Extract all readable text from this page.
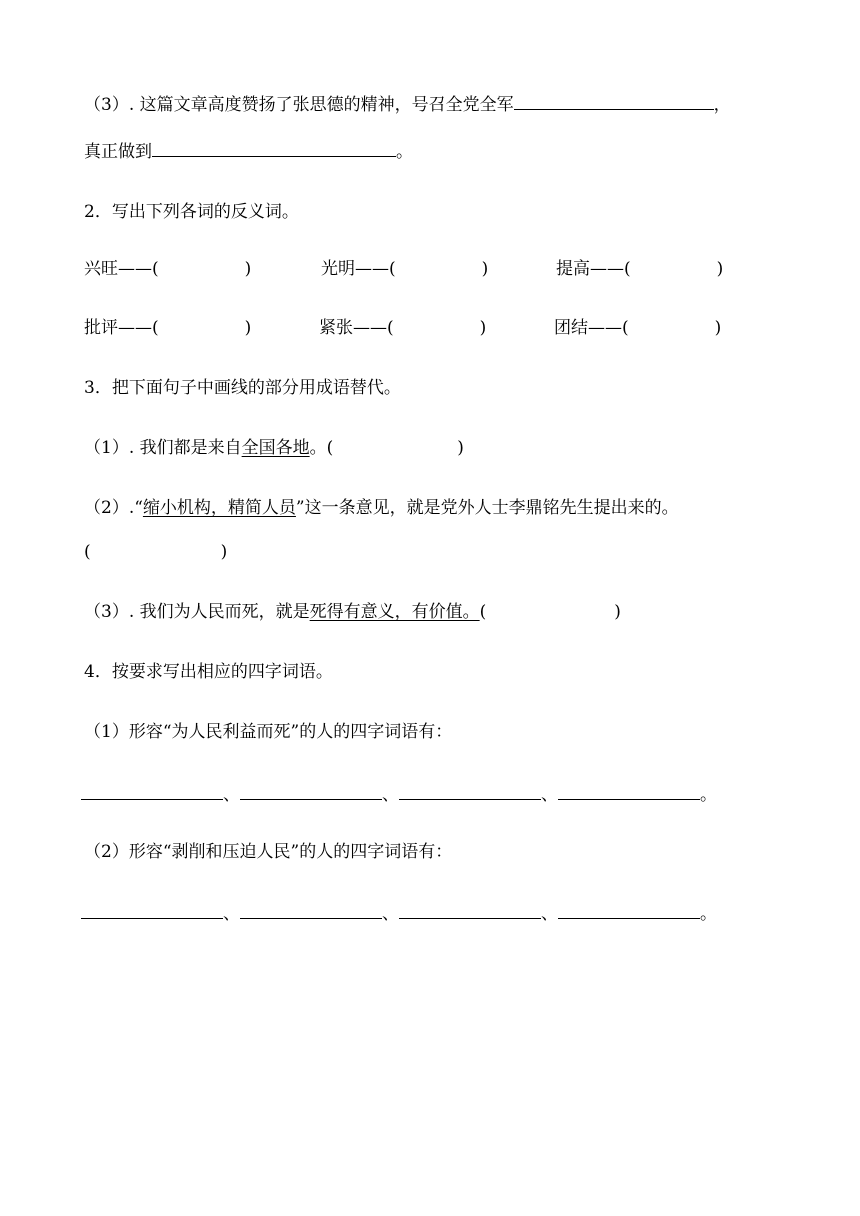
（3）. 这篇文章高度赞扬了张思德的精神，号召全党全军	，
真正做到	。
2．写出下列各词的反义词。
兴旺——(	)	光明——(	)	提高——(	)
批评——(	)	紧张——(	)	团结——(	)
3．把下面句子中画线的部分用成语替代。
（1）. 我们都是来自全国各地。(	)
（2）.“缩小机构，精简人员”这一条意见，就是党外人士李鼎铭先生提出来的。
(	)
（3）. 我们为人民而死，就是死得有意义，有价值。(	)
4．按要求写出相应的四字词语。
（1）形容“为人民利益而死”的人的四字词语有：
、	、	、	。
（2）形容“剥削和压迫人民”的人的四字词语有：
、	、	、	。
